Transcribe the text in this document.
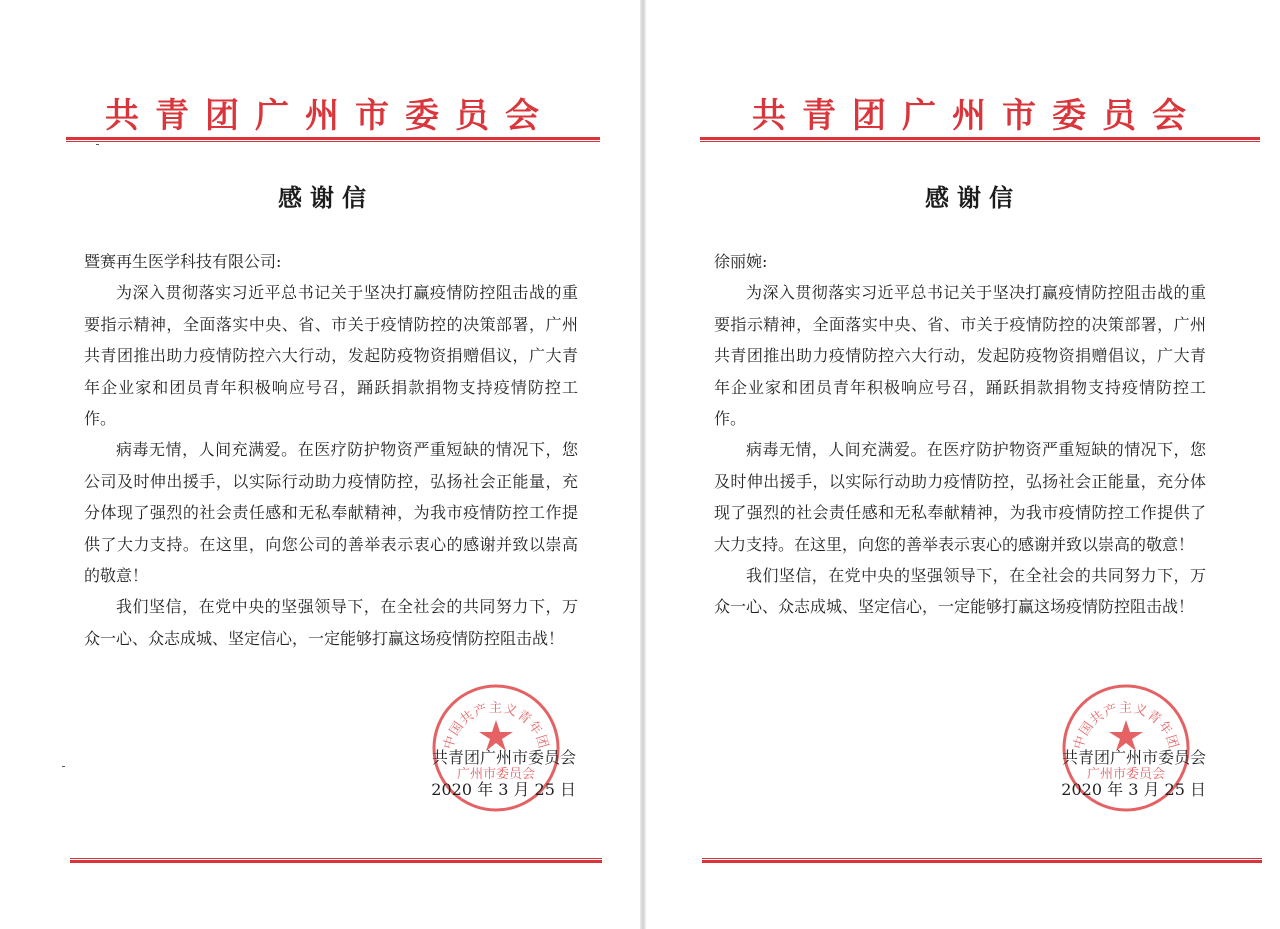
共青团广州市委员会
感谢信

暨赛再生医学科技有限公司:

为深入贯彻落实习近平总书记关于坚决打赢疫情防控阻击战的重要指示精神，全面落实中央、省、市关于疫情防控的决策部署，广州共青团推出助力疫情防控六大行动，发起防疫物资捐赠倡议，广大青年企业家和团员青年积极响应号召，踊跃捐款捐物支持疫情防控工作。

病毒无情，人间充满爱。在医疗防护物资严重短缺的情况下，您公司及时伸出援手，以实际行动助力疫情防控，弘扬社会正能量，充分体现了强烈的社会责任感和无私奉献精神，为我市疫情防控工作提供了大力支持。在这里，向您公司的善举表示衷心的感谢并致以崇高的敬意！

我们坚信，在党中央的坚强领导下，在全社会的共同努力下，万众一心、众志成城、坚定信心，一定能够打赢这场疫情防控阻击战！

中国共产主义青年团
广州市委员会
共青团广州市委员会
2020 年 3 月 25 日
共青团广州市委员会
感谢信

徐丽婉:

为深入贯彻落实习近平总书记关于坚决打赢疫情防控阻击战的重要指示精神，全面落实中央、省、市关于疫情防控的决策部署，广州共青团推出助力疫情防控六大行动，发起防疫物资捐赠倡议，广大青年企业家和团员青年积极响应号召，踊跃捐款捐物支持疫情防控工作。

病毒无情，人间充满爱。在医疗防护物资严重短缺的情况下，您及时伸出援手，以实际行动助力疫情防控，弘扬社会正能量，充分体现了强烈的社会责任感和无私奉献精神，为我市疫情防控工作提供了大力支持。在这里，向您的善举表示衷心的感谢并致以崇高的敬意！

我们坚信，在党中央的坚强领导下，在全社会的共同努力下，万众一心、众志成城、坚定信心，一定能够打赢这场疫情防控阻击战！

中国共产主义青年团
广州市委员会
共青团广州市委员会
2020 年 3 月 25 日
